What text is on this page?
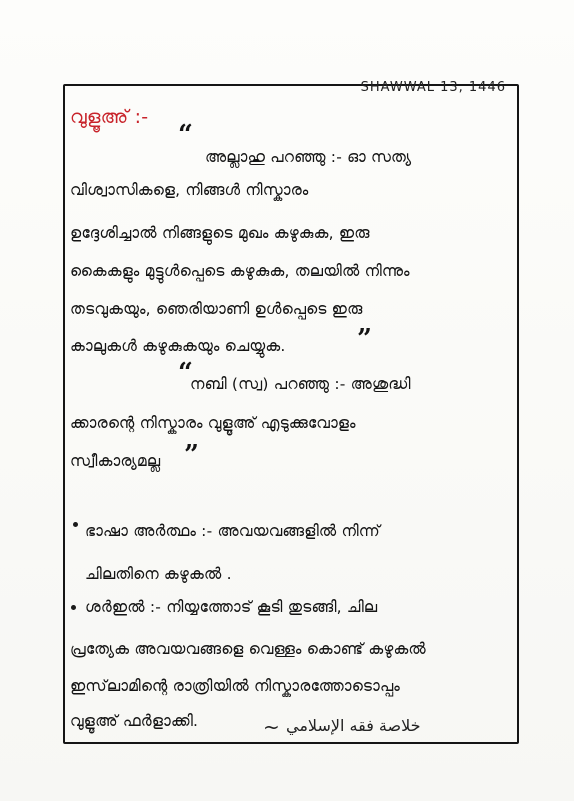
SHAWWAL 13, 1446
വുളൂഅ് :-
“
അല്ലാഹു പറഞ്ഞു :- ഓ സത്യ
വിശ്വാസികളെ, നിങ്ങൾ നിസ്കാരം
ഉദ്ദേശിച്ചാൽ നിങ്ങളുടെ മുഖം കഴുകുക, ഇരു
കൈകളും മുട്ടുൾപ്പെടെ കഴുകുക, തലയിൽ നിന്നും
തടവുകയും, ഞെരിയാണി ഉൾപ്പെടെ ഇരു
കാലുകൾ കഴുകുകയും ചെയ്യുക.	”
“
നബി (സ്വ) പറഞ്ഞു :- അശുദ്ധി
ക്കാരന്റെ നിസ്കാരം വുളൂഅ് എടുക്കുവോളം
സ്വീകാര്യമല്ല ”
ഭാഷാ അർത്ഥം :- അവയവങ്ങളിൽ നിന്ന്
ചിലതിനെ കഴുകൽ .
ശർഇൽ :- നിയ്യത്തോട് കൂടി തുടങ്ങി, ചില
പ്രത്യേക അവയവങ്ങളെ വെള്ളം കൊണ്ട് കഴുകൽ
ഇസ്‌ലാമിന്റെ രാത്രിയിൽ നിസ്കാരത്തോടൊപ്പം
വുളൂഅ് ഫർളാക്കി.	~ خلاصة فقه الإسلامي
